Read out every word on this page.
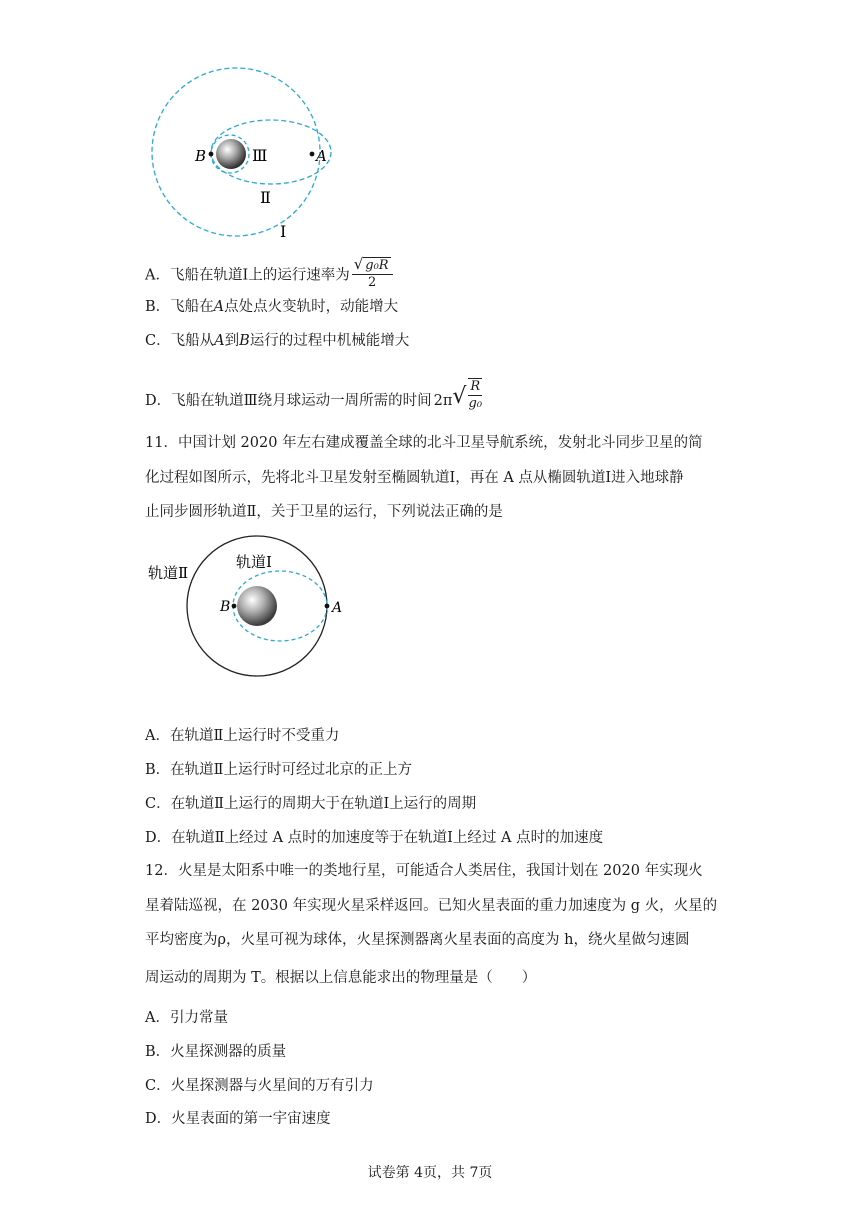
B	A
Ⅲ
Ⅱ
Ⅰ
A．飞船在轨道Ⅰ上的运行速率为 $\frac{\text{√ g₀R}}{2}$
B．飞船在A点处点火变轨时，动能增大
C．飞船从A到B运行的过程中机械能增大
D．飞船在轨道Ⅲ绕月球运动一周所需的时间 $2\pi√ \frac{R}{\text{g₀}}$
11．中国计划 2020 年左右建成覆盖全球的北斗卫星导航系统，发射北斗同步卫星的简
化过程如图所示，先将北斗卫星发射至椭圆轨道Ⅰ，再在 A 点从椭圆轨道Ⅰ进入地球静
止同步圆形轨道Ⅱ，关于卫星的运行，下列说法正确的是
轨道Ⅱ
轨道Ⅰ
B	A
A．在轨道Ⅱ上运行时不受重力
B．在轨道Ⅱ上运行时可经过北京的正上方
C．在轨道Ⅱ上运行的周期大于在轨道Ⅰ上运行的周期
D．在轨道Ⅱ上经过 A 点时的加速度等于在轨道Ⅰ上经过 A 点时的加速度
12．火星是太阳系中唯一的类地行星，可能适合人类居住，我国计划在 2020 年实现火
星着陆巡视，在 2030 年实现火星采样返回。已知火星表面的重力加速度为 g 火，火星的
平均密度为ρ，火星可视为球体，火星探测器离火星表面的高度为 h，绕火星做匀速圆
周运动的周期为 T。根据以上信息能求出的物理量是（　　）
A．引力常量
B．火星探测器的质量
C．火星探测器与火星间的万有引力
D．火星表面的第一宇宙速度
试卷第 4页，共 7页
